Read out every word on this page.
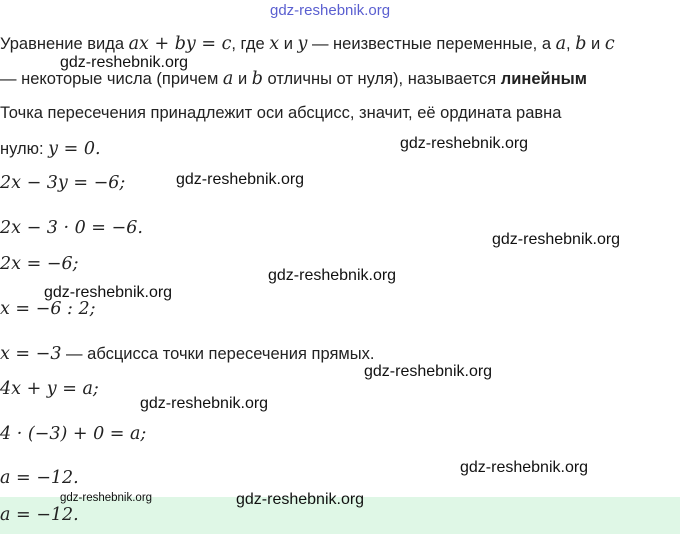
gdz-reshebnik.org
Уравнение вида ax + by = c, где x и y — неизвестные переменные, а a, b и c
— некоторые числа (причем a и b отличны от нуля), называется линейным
Точка пересечения принадлежит оси абсцисс, значит, её ордината равна
нулю: y = 0.
2x − 3y = −6;
2x − 3 · 0 = −6.
2x = −6;
x = −6 : 2;
x = −3 — абсцисса точки пересечения прямых.
4x + y = a;
4 · (−3) + 0 = a;
a = −12.
a = −12.
gdz-reshebnik.org
gdz-reshebnik.org
gdz-reshebnik.org
gdz-reshebnik.org
gdz-reshebnik.org
gdz-reshebnik.org
gdz-reshebnik.org
gdz-reshebnik.org
gdz-reshebnik.org
gdz-reshebnik.org	gdz-reshebnik.org
